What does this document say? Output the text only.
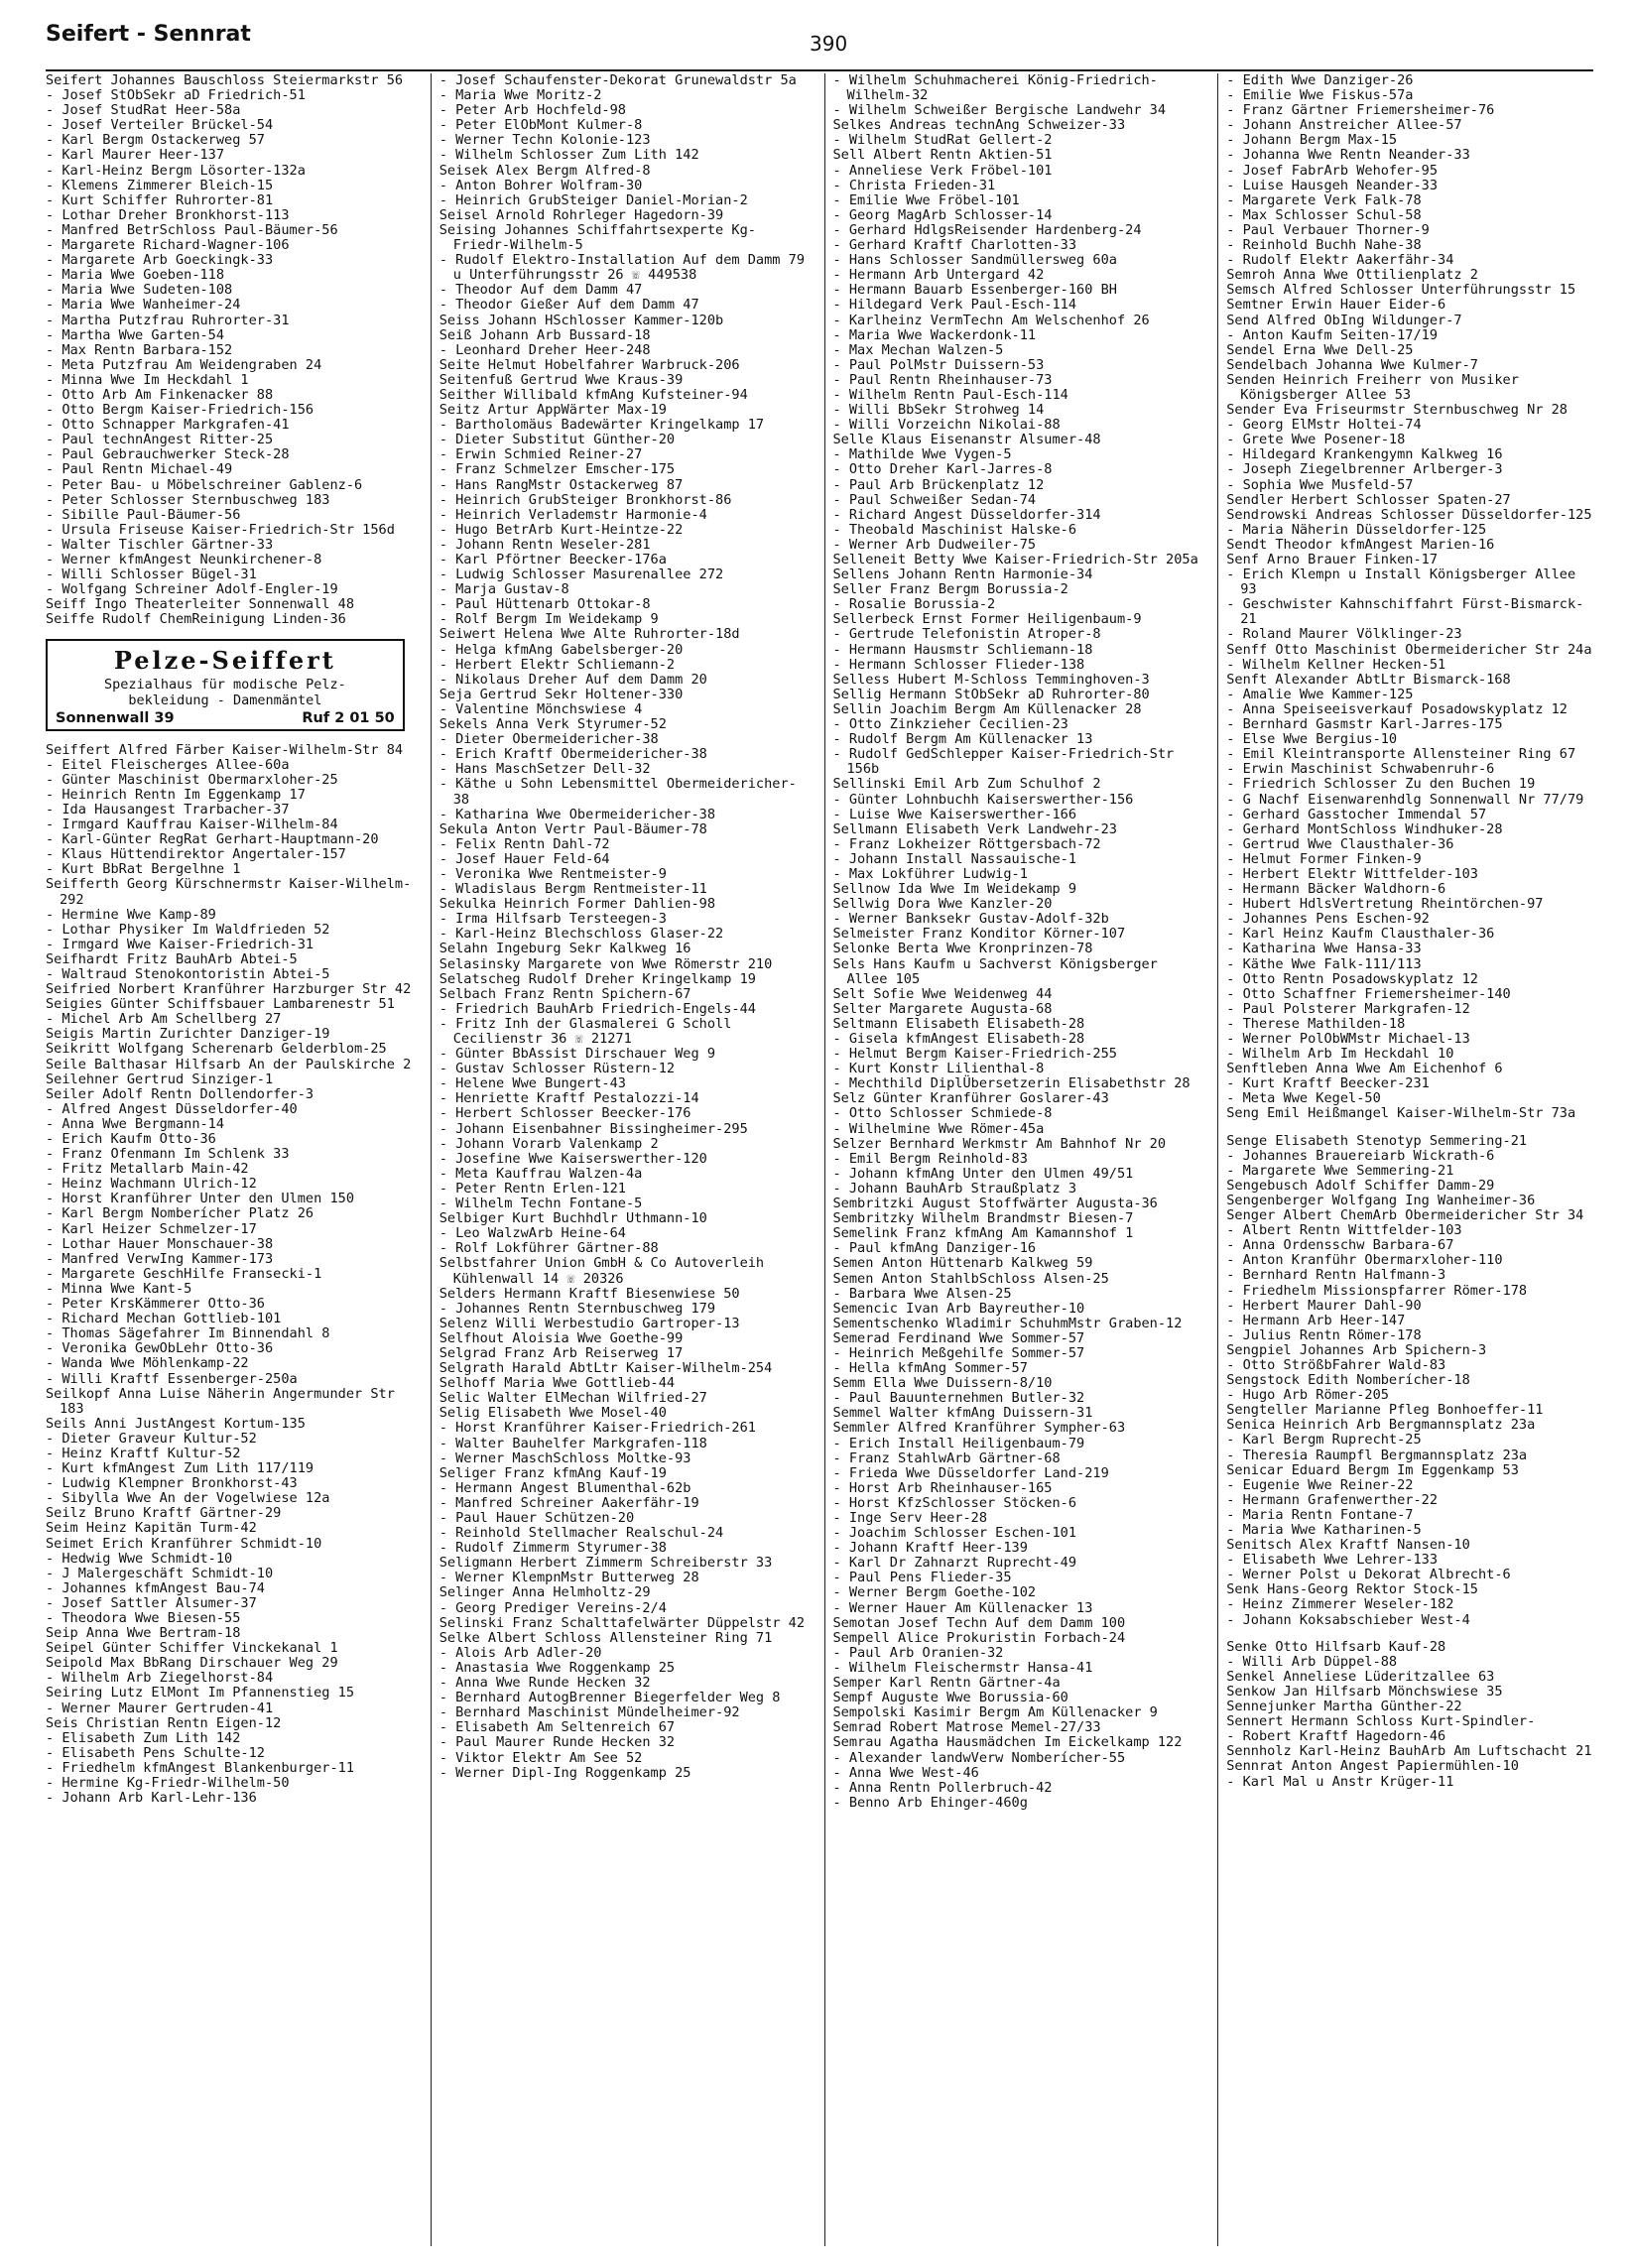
Seifert - Sennrat	390
Seifert Johannes Bauschloss Steiermarkstr 56
- Josef StObSekr aD Friedrich-51
- Josef StudRat Heer-58a
- Josef Verteiler Brückel-54
- Karl Bergm Ostackerweg 57
- Karl Maurer Heer-137
- Karl-Heinz Bergm Lösorter-132a
- Klemens Zimmerer Bleich-15
- Kurt Schiffer Ruhrorter-81
- Lothar Dreher Bronkhorst-113
- Manfred BetrSchloss Paul-Bäumer-56
- Margarete Richard-Wagner-106
- Margarete Arb Goeckingk-33
- Maria Wwe Goeben-118
- Maria Wwe Sudeten-108
- Maria Wwe Wanheimer-24
- Martha Putzfrau Ruhrorter-31
- Martha Wwe Garten-54
- Max Rentn Barbara-152
- Meta Putzfrau Am Weidengraben 24
- Minna Wwe Im Heckdahl 1
- Otto Arb Am Finkenacker 88
- Otto Bergm Kaiser-Friedrich-156
- Otto Schnapper Markgrafen-41
- Paul technAngest Ritter-25
- Paul Gebrauchwerker Steck-28
- Paul Rentn Michael-49
- Peter Bau- u Möbelschreiner Gablenz-6
- Peter Schlosser Sternbuschweg 183
- Sibille Paul-Bäumer-56
- Ursula Friseuse Kaiser-Friedrich-Str 156d
- Walter Tischler Gärtner-33
- Werner kfmAngest Neunkirchener-8
- Willi Schlosser Bügel-31
- Wolfgang Schreiner Adolf-Engler-19
Seiff Ingo Theaterleiter Sonnenwall 48
Seiffe Rudolf ChemReinigung Linden-36
Pelze-Seiffert
Spezialhaus für modische Pelz-
bekleidung - Damenmäntel
Sonnenwall 39	Ruf 2 01 50
Seiffert Alfred Färber Kaiser-Wilhelm-Str 84
- Eitel Fleischerges Allee-60a
- Günter Maschinist Obermarxloher-25
- Heinrich Rentn Im Eggenkamp 17
- Ida Hausangest Trarbacher-37
- Irmgard Kauffrau Kaiser-Wilhelm-84
- Karl-Günter RegRat Gerhart-Hauptmann-20
- Klaus Hüttendirektor Angertaler-157
- Kurt BbRat Bergelhne 1
Seifferth Georg Kürschnermstr Kaiser-Wilhelm-292
- Hermine Wwe Kamp-89
- Lothar Physiker Im Waldfrieden 52
- Irmgard Wwe Kaiser-Friedrich-31
Seifhardt Fritz BauhArb Abtei-5
- Waltraud Stenokontoristin Abtei-5
Seifried Norbert Kranführer Harzburger Str 42
Seigies Günter Schiffsbauer Lambarenestr 51
- Michel Arb Am Schellberg 27
Seigis Martin Zurichter Danziger-19
Seikritt Wolfgang Scherenarb Gelderblom-25
Seile Balthasar Hilfsarb An der Paulskirche 2
Seilehner Gertrud Sinziger-1
Seiler Adolf Rentn Dollendorfer-3
- Alfred Angest Düsseldorfer-40
- Anna Wwe Bergmann-14
- Erich Kaufm Otto-36
- Franz Ofenmann Im Schlenk 33
- Fritz Metallarb Main-42
- Heinz Wachmann Ulrich-12
- Horst Kranführer Unter den Ulmen 150
- Karl Bergm Nomberícher Platz 26
- Karl Heizer Schmelzer-17
- Lothar Hauer Monschauer-38
- Manfred VerwIng Kammer-173
- Margarete GeschHilfe Fransecki-1
- Minna Wwe Kant-5
- Peter KrsKämmerer Otto-36
- Richard Mechan Gottlieb-101
- Thomas Sägefahrer Im Binnendahl 8
- Veronika GewObLehr Otto-36
- Wanda Wwe Möhlenkamp-22
- Willi Kraftf Essenberger-250a
Seilkopf Anna Luise Näherin Angermunder Str 183
Seils Anni JustAngest Kortum-135
- Dieter Graveur Kultur-52
- Heinz Kraftf Kultur-52
- Kurt kfmAngest Zum Lith 117/119
- Ludwig Klempner Bronkhorst-43
- Sibylla Wwe An der Vogelwiese 12a
Seilz Bruno Kraftf Gärtner-29
Seim Heinz Kapitän Turm-42
Seimet Erich Kranführer Schmidt-10
- Hedwig Wwe Schmidt-10
- J Malergeschäft Schmidt-10
- Johannes kfmAngest Bau-74
- Josef Sattler Alsumer-37
- Theodora Wwe Biesen-55
Seip Anna Wwe Bertram-18
Seipel Günter Schiffer Vinckekanal 1
Seipold Max BbRang Dirschauer Weg 29
- Wilhelm Arb Ziegelhorst-84
Seiring Lutz ElMont Im Pfannenstieg 15
- Werner Maurer Gertruden-41
Seis Christian Rentn Eigen-12
- Elisabeth Zum Lith 142
- Elisabeth Pens Schulte-12
- Friedhelm kfmAngest Blankenburger-11
- Hermine Kg-Friedr-Wilhelm-50
- Johann Arb Karl-Lehr-136
- Josef Schaufenster-Dekorat Grunewaldstr 5a
- Maria Wwe Moritz-2
- Peter Arb Hochfeld-98
- Peter ElObMont Kulmer-8
- Werner Techn Kolonie-123
- Wilhelm Schlosser Zum Lith 142
Seisek Alex Bergm Alfred-8
- Anton Bohrer Wolfram-30
- Heinrich GrubSteiger Daniel-Morian-2
Seisel Arnold Rohrleger Hagedorn-39
Seising Johannes Schiffahrtsexperte Kg-Friedr-Wilhelm-5
- Rudolf Elektro-Installation Auf dem Damm 79 u Unterführungsstr 26 ☏ 449538
- Theodor Auf dem Damm 47
- Theodor Gießer Auf dem Damm 47
Seiss Johann HSchlosser Kammer-120b
Seiß Johann Arb Bussard-18
- Leonhard Dreher Heer-248
Seite Helmut Hobelfahrer Warbruck-206
Seitenfuß Gertrud Wwe Kraus-39
Seither Willibald kfmAng Kufsteiner-94
Seitz Artur AppWärter Max-19
- Bartholomäus Badewärter Kringelkamp 17
- Dieter Substitut Günther-20
- Erwin Schmied Reiner-27
- Franz Schmelzer Emscher-175
- Hans RangMstr Ostackerweg 87
- Heinrich GrubSteiger Bronkhorst-86
- Heinrich Verlademstr Harmonie-4
- Hugo BetrArb Kurt-Heintze-22
- Johann Rentn Weseler-281
- Karl Pförtner Beecker-176a
- Ludwig Schlosser Masurenallee 272
- Marja Gustav-8
- Paul Hüttenarb Ottokar-8
- Rolf Bergm Im Weidekamp 9
Seiwert Helena Wwe Alte Ruhrorter-18d
- Helga kfmAng Gabelsberger-20
- Herbert Elektr Schliemann-2
- Nikolaus Dreher Auf dem Damm 20
Seja Gertrud Sekr Holtener-330
- Valentine Mönchswiese 4
Sekels Anna Verk Styrumer-52
- Dieter Obermeidericher-38
- Erich Kraftf Obermeidericher-38
- Hans MaschSetzer Dell-32
- Käthe u Sohn Lebensmittel Obermeidericher-38
- Katharina Wwe Obermeidericher-38
Sekula Anton Vertr Paul-Bäumer-78
- Felix Rentn Dahl-72
- Josef Hauer Feld-64
- Veronika Wwe Rentmeister-9
- Wladislaus Bergm Rentmeister-11
Sekulka Heinrich Former Dahlien-98
- Irma Hilfsarb Tersteegen-3
- Karl-Heinz Blechschloss Glaser-22
Selahn Ingeburg Sekr Kalkweg 16
Selasinsky Margarete von Wwe Römerstr 210
Selatscheg Rudolf Dreher Kringelkamp 19
Selbach Franz Rentn Spichern-67
- Friedrich BauhArb Friedrich-Engels-44
- Fritz Inh der Glasmalerei G Scholl Cecilienstr 36 ☏ 21271
- Günter BbAssist Dirschauer Weg 9
- Gustav Schlosser Rüstern-12
- Helene Wwe Bungert-43
- Henriette Kraftf Pestalozzi-14
- Herbert Schlosser Beecker-176
- Johann Eisenbahner Bissingheimer-295
- Johann Vorarb Valenkamp 2
- Josefine Wwe Kaiserswerther-120
- Meta Kauffrau Walzen-4a
- Peter Rentn Erlen-121
- Wilhelm Techn Fontane-5
Selbiger Kurt Buchhdlr Uthmann-10
- Leo WalzwArb Heine-64
- Rolf Lokführer Gärtner-88
Selbstfahrer Union GmbH & Co Autoverleih Kühlenwall 14 ☏ 20326
Selders Hermann Kraftf Biesenwiese 50
- Johannes Rentn Sternbuschweg 179
Selenz Willi Werbestudio Gartroper-13
Selfhout Aloisia Wwe Goethe-99
Selgrad Franz Arb Reiserweg 17
Selgrath Harald AbtLtr Kaiser-Wilhelm-254
Selhoff Maria Wwe Gottlieb-44
Selic Walter ElMechan Wilfried-27
Selig Elisabeth Wwe Mosel-40
- Horst Kranführer Kaiser-Friedrich-261
- Walter Bauhelfer Markgrafen-118
- Werner MaschSchloss Moltke-93
Seliger Franz kfmAng Kauf-19
- Hermann Angest Blumenthal-62b
- Manfred Schreiner Aakerfähr-19
- Paul Hauer Schützen-20
- Reinhold Stellmacher Realschul-24
- Rudolf Zimmerm Styrumer-38
Seligmann Herbert Zimmerm Schreiberstr 33
- Werner KlempnMstr Butterweg 28
Selinger Anna Helmholtz-29
- Georg Prediger Vereins-2/4
Selinski Franz Schalttafelwärter Düppelstr 42
Selke Albert Schloss Allensteiner Ring 71
- Alois Arb Adler-20
- Anastasia Wwe Roggenkamp 25
- Anna Wwe Runde Hecken 32
- Bernhard AutogBrenner Biegerfelder Weg 8
- Bernhard Maschinist Mündelheimer-92
- Elisabeth Am Seltenreich 67
- Paul Maurer Runde Hecken 32
- Viktor Elektr Am See 52
- Werner Dipl-Ing Roggenkamp 25
- Wilhelm Schuhmacherei König-Friedrich-Wilhelm-32
- Wilhelm Schweißer Bergische Landwehr 34
Selkes Andreas technAng Schweizer-33
- Wilhelm StudRat Gellert-2
Sell Albert Rentn Aktien-51
- Anneliese Verk Fröbel-101
- Christa Frieden-31
- Emilie Wwe Fröbel-101
- Georg MagArb Schlosser-14
- Gerhard HdlgsReisender Hardenberg-24
- Gerhard Kraftf Charlotten-33
- Hans Schlosser Sandmüllersweg 60a
- Hermann Arb Untergard 42
- Hermann Bauarb Essenberger-160 BH
- Hildegard Verk Paul-Esch-114
- Karlheinz VermTechn Am Welschenhof 26
- Maria Wwe Wackerdonk-11
- Max Mechan Walzen-5
- Paul PolMstr Duissern-53
- Paul Rentn Rheinhauser-73
- Wilhelm Rentn Paul-Esch-114
- Willi BbSekr Strohweg 14
- Willi Vorzeichn Nikolai-88
Selle Klaus Eisenanstr Alsumer-48
- Mathilde Wwe Vygen-5
- Otto Dreher Karl-Jarres-8
- Paul Arb Brückenplatz 12
- Paul Schweißer Sedan-74
- Richard Angest Düsseldorfer-314
- Theobald Maschinist Halske-6
- Werner Arb Dudweiler-75
Selleneit Betty Wwe Kaiser-Friedrich-Str 205a
Sellens Johann Rentn Harmonie-34
Seller Franz Bergm Borussia-2
- Rosalie Borussia-2
Sellerbeck Ernst Former Heiligenbaum-9
- Gertrude Telefonistin Atroper-8
- Hermann Hausmstr Schliemann-18
- Hermann Schlosser Flieder-138
Selless Hubert M-Schloss Temminghoven-3
Sellig Hermann StObSekr aD Ruhrorter-80
Sellin Joachim Bergm Am Küllenacker 28
- Otto Zinkzieher Cecilien-23
- Rudolf Bergm Am Küllenacker 13
- Rudolf GedSchlepper Kaiser-Friedrich-Str 156b
Sellinski Emil Arb Zum Schulhof 2
- Günter Lohnbuchh Kaiserswerther-156
- Luise Wwe Kaiserswerther-166
Sellmann Elisabeth Verk Landwehr-23
- Franz Lokheizer Röttgersbach-72
- Johann Install Nassauische-1
- Max Lokführer Ludwig-1
Sellnow Ida Wwe Im Weidekamp 9
Sellwig Dora Wwe Kanzler-20
- Werner Banksekr Gustav-Adolf-32b
Selmeister Franz Konditor Körner-107
Selonke Berta Wwe Kronprinzen-78
Sels Hans Kaufm u Sachverst Königsberger Allee 105
Selt Sofie Wwe Weidenweg 44
Selter Margarete Augusta-68
Seltmann Elisabeth Elisabeth-28
- Gisela kfmAngest Elisabeth-28
- Helmut Bergm Kaiser-Friedrich-255
- Kurt Konstr Lilienthal-8
- Mechthild DiplÜbersetzerin Elisabethstr 28
Selz Günter Kranführer Goslarer-43
- Otto Schlosser Schmiede-8
- Wilhelmine Wwe Römer-45a
Selzer Bernhard Werkmstr Am Bahnhof Nr 20
- Emil Bergm Reinhold-83
- Johann kfmAng Unter den Ulmen 49/51
- Johann BauhArb Straußplatz 3
Sembritzki August Stoffwärter Augusta-36
Sembritzky Wilhelm Brandmstr Biesen-7
Semelink Franz kfmAng Am Kamannshof 1
- Paul kfmAng Danziger-16
Semen Anton Hüttenarb Kalkweg 59
Semen Anton StahlbSchloss Alsen-25
- Barbara Wwe Alsen-25
Semencic Ivan Arb Bayreuther-10
Sementschenko Wladimir SchuhmMstr Graben-12
Semerad Ferdinand Wwe Sommer-57
- Heinrich Meßgehilfe Sommer-57
- Hella kfmAng Sommer-57
Semm Ella Wwe Duissern-8/10
- Paul Bauunternehmen Butler-32
Semmel Walter kfmAng Duissern-31
Semmler Alfred Kranführer Sympher-63
- Erich Install Heiligenbaum-79
- Franz StahlwArb Gärtner-68
- Frieda Wwe Düsseldorfer Land-219
- Horst Arb Rheinhauser-165
- Horst KfzSchlosser Stöcken-6
- Inge Serv Heer-28
- Joachim Schlosser Eschen-101
- Johann Kraftf Heer-139
- Karl Dr Zahnarzt Ruprecht-49
- Paul Pens Flieder-35
- Werner Bergm Goethe-102
- Werner Hauer Am Küllenacker 13
Semotan Josef Techn Auf dem Damm 100
Sempell Alice Prokuristin Forbach-24
- Paul Arb Oranien-32
- Wilhelm Fleischermstr Hansa-41
Semper Karl Rentn Gärtner-4a
Sempf Auguste Wwe Borussia-60
Sempolski Kasimir Bergm Am Küllenacker 9
Semrad Robert Matrose Memel-27/33
Semrau Agatha Hausmädchen Im Eickelkamp 122
- Alexander landwVerw Nomberícher-55
- Anna Wwe West-46
- Anna Rentn Pollerbruch-42
- Benno Arb Ehinger-460g
- Edith Wwe Danziger-26
- Emilie Wwe Fiskus-57a
- Franz Gärtner Friemersheimer-76
- Johann Anstreicher Allee-57
- Johann Bergm Max-15
- Johanna Wwe Rentn Neander-33
- Josef FabrArb Wehofer-95
- Luise Hausgeh Neander-33
- Margarete Verk Falk-78
- Max Schlosser Schul-58
- Paul Verbauer Thorner-9
- Reinhold Buchh Nahe-38
- Rudolf Elektr Aakerfähr-34
Semroh Anna Wwe Ottilienplatz 2
Semsch Alfred Schlosser Unterführungsstr 15
Semtner Erwin Hauer Eider-6
Send Alfred ObIng Wildunger-7
- Anton Kaufm Seiten-17/19
Sendel Erna Wwe Dell-25
Sendelbach Johanna Wwe Kulmer-7
Senden Heinrich Freiherr von Musiker Königsberger Allee 53
Sender Eva Friseurmstr Sternbuschweg Nr 28
- Georg ElMstr Holtei-74
- Grete Wwe Posener-18
- Hildegard Krankengymn Kalkweg 16
- Joseph Ziegelbrenner Arlberger-3
- Sophia Wwe Musfeld-57
Sendler Herbert Schlosser Spaten-27
Sendrowski Andreas Schlosser Düsseldorfer-125
- Maria Näherin Düsseldorfer-125
Sendt Theodor kfmAngest Marien-16
Senf Arno Brauer Finken-17
- Erich Klempn u Install Königsberger Allee 93
- Geschwister Kahnschiffahrt Fürst-Bismarck-21
- Roland Maurer Völklinger-23
Senff Otto Maschinist Obermeidericher Str 24a
- Wilhelm Kellner Hecken-51
Senft Alexander AbtLtr Bismarck-168
- Amalie Wwe Kammer-125
- Anna Speiseeisverkauf Posadowskyplatz 12
- Bernhard Gasmstr Karl-Jarres-175
- Else Wwe Bergius-10
- Emil Kleintransporte Allensteiner Ring 67
- Erwin Maschinist Schwabenruhr-6
- Friedrich Schlosser Zu den Buchen 19
- G Nachf Eisenwarenhdlg Sonnenwall Nr 77/79
- Gerhard Gasstocher Immendal 57
- Gerhard MontSchloss Windhuker-28
- Gertrud Wwe Clausthaler-36
- Helmut Former Finken-9
- Herbert Elektr Wittfelder-103
- Hermann Bäcker Waldhorn-6
- Hubert HdlsVertretung Rheintörchen-97
- Johannes Pens Eschen-92
- Karl Heinz Kaufm Clausthaler-36
- Katharina Wwe Hansa-33
- Käthe Wwe Falk-111/113
- Otto Rentn Posadowskyplatz 12
- Otto Schaffner Friemersheimer-140
- Paul Polsterer Markgrafen-12
- Therese Mathilden-18
- Werner PolObWMstr Michael-13
- Wilhelm Arb Im Heckdahl 10
Senftleben Anna Wwe Am Eichenhof 6
- Kurt Kraftf Beecker-231
- Meta Wwe Kegel-50
Seng Emil Heißmangel Kaiser-Wilhelm-Str 73a
Senge Elisabeth Stenotyp Semmering-21
- Johannes Brauereiarb Wickrath-6
- Margarete Wwe Semmering-21
Sengebusch Adolf Schiffer Damm-29
Sengenberger Wolfgang Ing Wanheimer-36
Senger Albert ChemArb Obermeidericher Str 34
- Albert Rentn Wittfelder-103
- Anna Ordensschw Barbara-67
- Anton Kranführ Obermarxloher-110
- Bernhard Rentn Halfmann-3
- Friedhelm Missionspfarrer Römer-178
- Herbert Maurer Dahl-90
- Hermann Arb Heer-147
- Julius Rentn Römer-178
Sengpiel Johannes Arb Spichern-3
- Otto StrößbFahrer Wald-83
Sengstock Edith Nomberícher-18
- Hugo Arb Römer-205
Sengteller Marianne Pfleg Bonhoeffer-11
Senica Heinrich Arb Bergmannsplatz 23a
- Karl Bergm Ruprecht-25
- Theresia Raumpfl Bergmannsplatz 23a
Senicar Eduard Bergm Im Eggenkamp 53
- Eugenie Wwe Reiner-22
- Hermann Grafenwerther-22
- Maria Rentn Fontane-7
- Maria Wwe Katharinen-5
Senitsch Alex Kraftf Nansen-10
- Elisabeth Wwe Lehrer-133
- Werner Polst u Dekorat Albrecht-6
Senk Hans-Georg Rektor Stock-15
- Heinz Zimmerer Weseler-182
- Johann Koksabschieber West-4
Senke Otto Hilfsarb Kauf-28
- Willi Arb Düppel-88
Senkel Anneliese Lüderitzallee 63
Senkow Jan Hilfsarb Mönchswiese 35
Sennejunker Martha Günther-22
Sennert Hermann Schloss Kurt-Spindler-
- Robert Kraftf Hagedorn-46
Sennholz Karl-Heinz BauhArb Am Luftschacht 21
Sennrat Anton Angest Papiermühlen-10
- Karl Mal u Anstr Krüger-11
